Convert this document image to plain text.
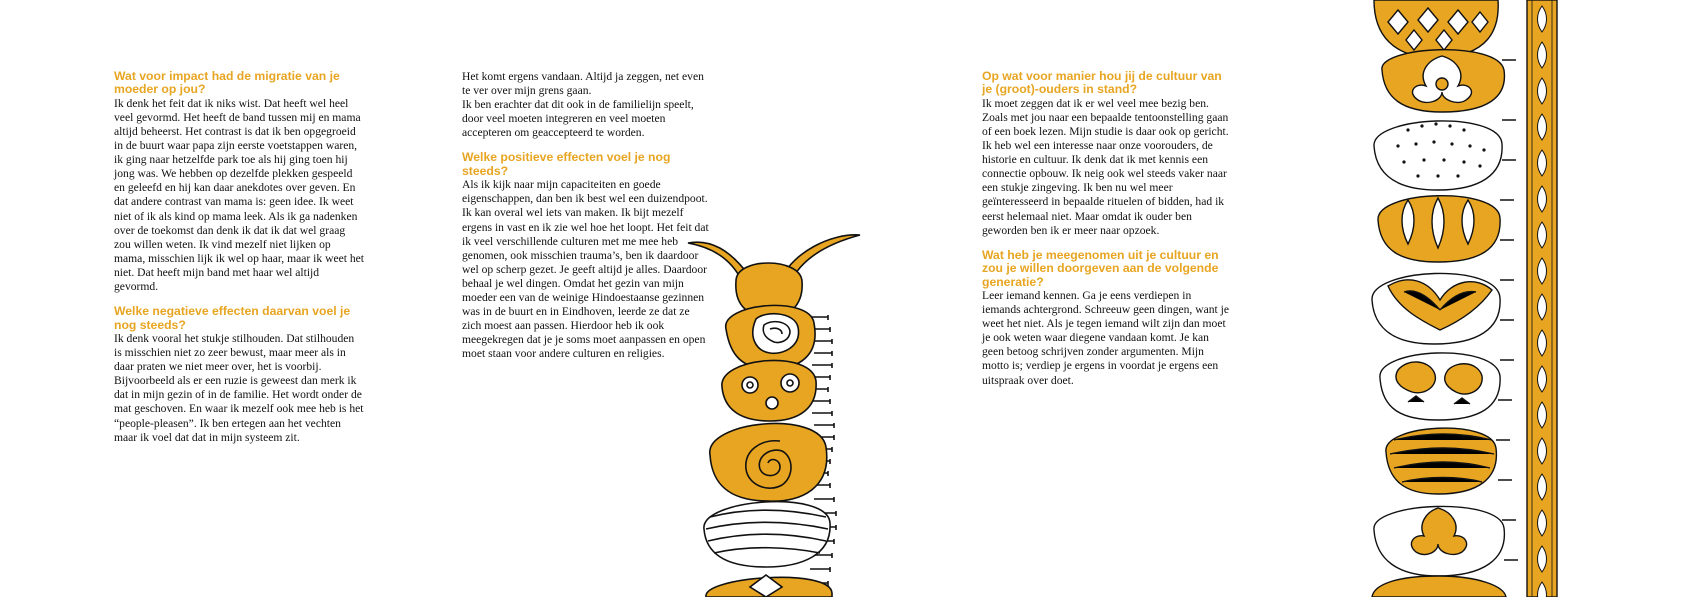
Wat voor impact had de migratie van je moeder op jou?

Ik denk het feit dat ik niks wist. Dat heeft wel heel veel gevormd. Het heeft de band tussen mij en mama altijd beheerst. Het contrast is dat ik ben opgegroeid in de buurt waar papa zijn eerste voetstappen waren, ik ging naar hetzelfde park toe als hij ging toen hij jong was. We hebben op dezelfde plekken gespeeld en geleefd en hij kan daar anekdotes over geven. En dat andere contrast van mama is: geen idee. Ik weet niet of ik als kind op mama leek. Als ik ga nadenken over de toekomst dan denk ik dat ik dat wel graag zou willen weten. Ik vind mezelf niet lijken op mama, misschien lijk ik wel op haar, maar ik weet het niet. Dat heeft mijn band met haar wel altijd gevormd.

Welke negatieve effecten daarvan voel je nog steeds?

Ik denk vooral het stukje stilhouden. Dat stilhouden is misschien niet zo zeer bewust, maar meer als in daar praten we niet meer over, het is voorbij. Bijvoorbeeld als er een ruzie is geweest dan merk ik dat in mijn gezin of in de familie. Het wordt onder de mat geschoven. En waar ik mezelf ook mee heb is het “people-pleasen”. Ik ben ertegen aan het vechten maar ik voel dat dat in mijn systeem zit.

Het komt ergens vandaan. Altijd ja zeggen, net even te ver over mijn grens gaan.
Ik ben erachter dat dit ook in de familielijn speelt, door veel moeten integreren en veel moeten accepteren om geaccepteerd te worden.

Welke positieve effecten voel je nog steeds?

Als ik kijk naar mijn capaciteiten en goede eigenschappen, dan ben ik best wel een duizendpoot. Ik kan overal wel iets van maken. Ik bijt mezelf ergens in vast en ik zie wel hoe het loopt. Het feit dat ik veel verschillende culturen met me mee heb genomen, ook misschien trauma’s, ben ik daardoor wel op scherp gezet. Je geeft altijd je alles. Daardoor behaal je wel dingen. Omdat het gezin van mijn moeder een van de weinige Hindoestaanse gezinnen was in de buurt en in Eindhoven, leerde ze dat ze zich moest aan passen. Hierdoor heb ik ook meegekregen dat je je soms moet aanpassen en open moet staan voor andere culturen en religies.

Op wat voor manier hou jij de cultuur van je (groot)-ouders in stand?

Ik moet zeggen dat ik er wel veel mee bezig ben. Zoals met jou naar een bepaalde tentoonstelling gaan of een boek lezen. Mijn studie is daar ook op gericht. Ik heb wel een interesse naar onze voorouders, de historie en cultuur. Ik denk dat ik met kennis een connectie opbouw. Ik neig ook wel steeds vaker naar een stukje zingeving. Ik ben nu wel meer geïnteresseerd in bepaalde rituelen of bidden, had ik eerst helemaal niet. Maar omdat ik ouder ben geworden ben ik er meer naar opzoek.

Wat heb je meegenomen uit je cultuur en zou je willen doorgeven aan de volgende generatie?

Leer iemand kennen. Ga je eens verdiepen in iemands achtergrond. Schreeuw geen dingen, want je weet het niet. Als je tegen iemand wilt zijn dan moet je ook weten waar diegene vandaan komt. Je kan geen betoog schrijven zonder argumenten. Mijn motto is; verdiep je ergens in voordat je ergens een uitspraak over doet.
